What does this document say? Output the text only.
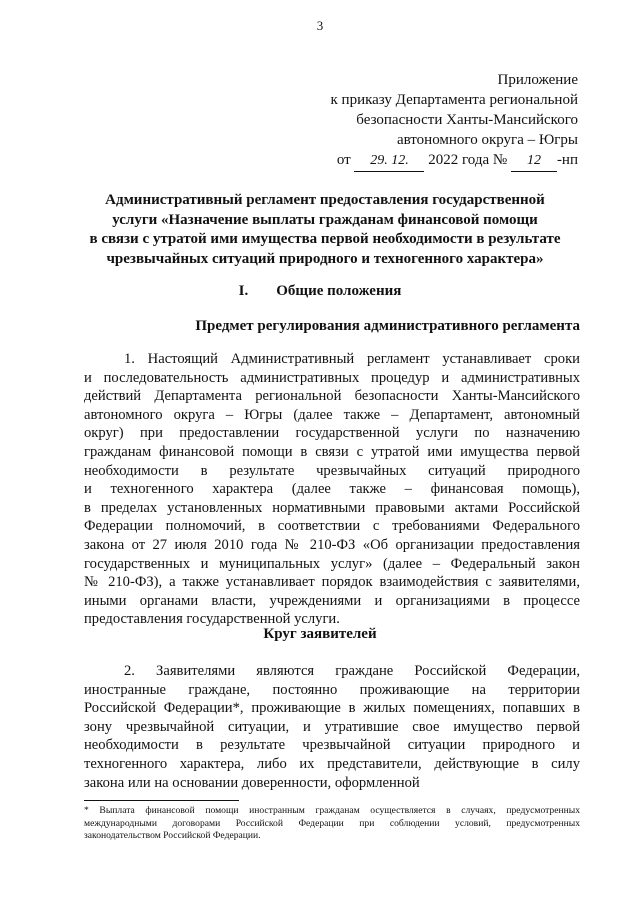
3
Приложение
к приказу Департамента региональной
безопасности Ханты-Мансийского
автономного округа – Югры
от 29. 12. 2022 года № 12 -нп
Административный регламент предоставления государственной
услуги «Назначение выплаты гражданам финансовой помощи
в связи с утратой ими имущества первой необходимости в результате
чрезвычайных ситуаций природного и техногенного характера»
I. Общие положения
Предмет регулирования административного регламента
1. Настоящий Административный регламент устанавливает сроки
и последовательность административных процедур и административных
действий Департамента региональной безопасности Ханты-Мансийского
автономного округа – Югры (далее также – Департамент, автономный
округ) при предоставлении государственной услуги по назначению
гражданам финансовой помощи в связи с утратой ими имущества первой
необходимости в результате чрезвычайных ситуаций природного
и техногенного характера (далее также – финансовая помощь),
в пределах установленных нормативными правовыми актами Российской
Федерации полномочий, в соответствии с требованиями Федерального
закона от 27 июля 2010 года № 210-ФЗ «Об организации предоставления
государственных и муниципальных услуг» (далее – Федеральный закон
№ 210-ФЗ), а также устанавливает порядок взаимодействия с заявителями,
иными органами власти, учреждениями и организациями в процессе
предоставления государственной услуги.
Круг заявителей
2. Заявителями являются граждане Российской Федерации,
иностранные граждане, постоянно проживающие на территории
Российской Федерации*, проживающие в жилых помещениях, попавших в
зону чрезвычайной ситуации, и утратившие свое имущество первой
необходимости в результате чрезвычайной ситуации природного и
техногенного характера, либо их представители, действующие в силу
закона или на основании доверенности, оформленной
* Выплата финансовой помощи иностранным гражданам осуществляется в случаях, предусмотренных
международными договорами Российской Федерации при соблюдении условий, предусмотренных
законодательством Российской Федерации.
